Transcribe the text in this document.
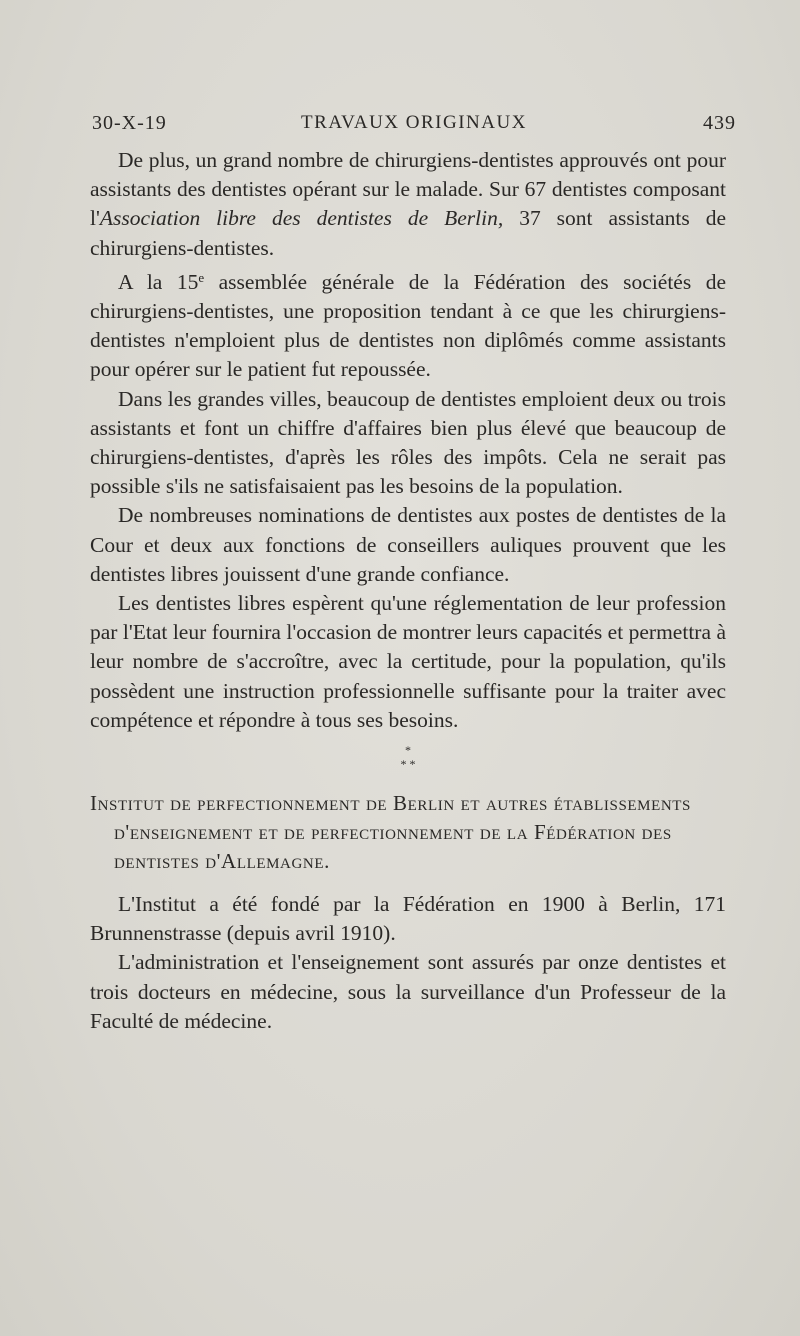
30-X-19	TRAVAUX ORIGINAUX	439

De plus, un grand nombre de chirurgiens-dentistes approuvés ont pour assistants des dentistes opérant sur le malade. Sur 67 dentistes composant l'Association libre des dentistes de Berlin, 37 sont assistants de chirurgiens-dentistes.

A la 15e assemblée générale de la Fédération des sociétés de chirurgiens-dentistes, une proposition tendant à ce que les chirurgiens-dentistes n'emploient plus de dentistes non diplômés comme assistants pour opérer sur le patient fut repoussée.

Dans les grandes villes, beaucoup de dentistes emploient deux ou trois assistants et font un chiffre d'affaires bien plus élevé que beaucoup de chirurgiens-dentistes, d'après les rôles des impôts. Cela ne serait pas possible s'ils ne satisfaisaient pas les besoins de la population.

De nombreuses nominations de dentistes aux postes de dentistes de la Cour et deux aux fonctions de conseillers auliques prouvent que les dentistes libres jouissent d'une grande confiance.

Les dentistes libres espèrent qu'une réglementation de leur profession par l'Etat leur fournira l'occasion de montrer leurs capacités et permettra à leur nombre de s'accroître, avec la certitude, pour la population, qu'ils possèdent une instruction professionnelle suffisante pour la traiter avec compétence et répondre à tous ses besoins.

*
* *

Institut de perfectionnement de Berlin et autres établissements d'enseignement et de perfectionnement de la Fédération des dentistes d'Allemagne.

L'Institut a été fondé par la Fédération en 1900 à Berlin, 171 Brunnenstrasse (depuis avril 1910).

L'administration et l'enseignement sont assurés par onze dentistes et trois docteurs en médecine, sous la surveillance d'un Professeur de la Faculté de médecine.
